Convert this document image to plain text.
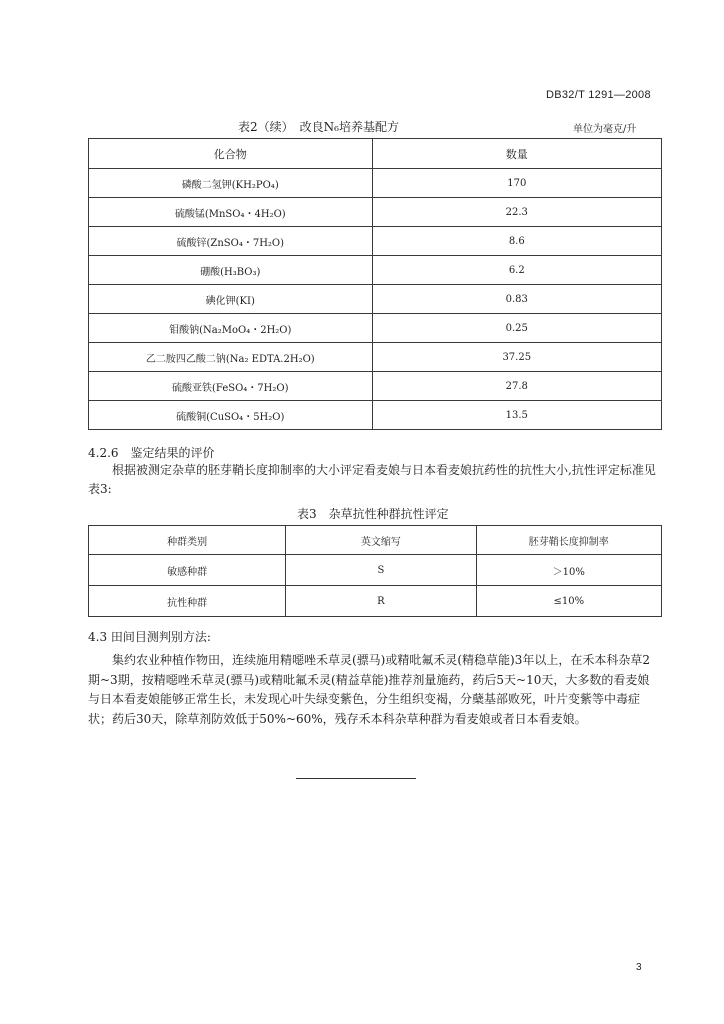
DB32/T 1291—2008
表2（续）　改良N₆培养基配方	单位为毫克/升
化合物	数量
磷酸二氢钾(KH₂PO₄)	170
硫酸锰(MnSO₄・4H₂O)	22.3
硫酸锌(ZnSO₄・7H₂O)	8.6
硼酸(H₃BO₃)	6.2
碘化钾(KI)	0.83
钼酸钠(Na₂MoO₄・2H₂O)	0.25
乙二胺四乙酸二钠(Na₂ EDTA.2H₂O)	37.25
硫酸亚铁(FeSO₄・7H₂O)	27.8
硫酸铜(CuSO₄・5H₂O)	13.5
4.2.6　鉴定结果的评价
根据被测定杂草的胚芽鞘长度抑制率的大小评定看麦娘与日本看麦娘抗药性的抗性大小,抗性评定标准见表3:
表3　杂草抗性种群抗性评定
种群类别	英文缩写	胚芽鞘长度抑制率
敏感种群	S	＞10%
抗性种群	R	≤10%
4.3 田间目测判别方法:
集约农业种植作物田，连续施用精噁唑禾草灵(骠马)或精吡氟禾灵(精稳草能)3年以上，在禾本科杂草2期~3期，按精噁唑禾草灵(骠马)或精吡氟禾灵(精益草能)推荐剂量施药，药后5天~10天，大多数的看麦娘与日本看麦娘能够正常生长，未发现心叶失绿变紫色，分生组织变褐，分蘖基部败死，叶片变紫等中毒症状；药后30天，除草剂防效低于50%~60%，残存禾本科杂草种群为看麦娘或者日本看麦娘。
3
